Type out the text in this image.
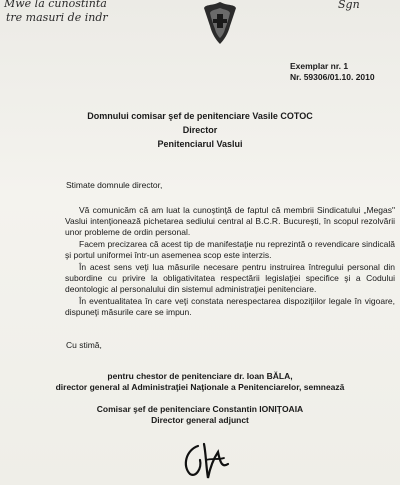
Mwe la cunostinta
tre masuri de indr
Sgn
Exemplar nr. 1
Nr. 59306/01.10. 2010
Domnului comisar şef de penitenciare Vasile COTOC
Director
Penitenciarul Vaslui
Stimate domnule director,
Vă comunicăm că am luat la cunoştinţă de faptul că membrii Sindicatului „Megas" Vaslui intenţionează pichetarea sediului central al B.C.R. Bucureşti, în scopul rezolvării unor probleme de ordin personal.
Facem precizarea că acest tip de manifestaţie nu reprezintă o revendicare sindicală şi portul uniformei într-un asemenea scop este interzis.
În acest sens veţi lua măsurile necesare pentru instruirea întregului personal din subordine cu privire la obligativitatea respectării legislaţiei specifice şi a Codului deontologic al personalului din sistemul administraţiei penitenciare.
În eventualitatea în care veţi constata nerespectarea dispoziţiilor legale în vigoare, dispuneţi măsurile care se impun.
Cu stimă,
pentru chestor de penitenciare dr. Ioan BĂLA,
director general al Administraţiei Naţionale a Penitenciarelor, semnează
Comisar şef de penitenciare Constantin IONIŢOAIA
Director general adjunct
